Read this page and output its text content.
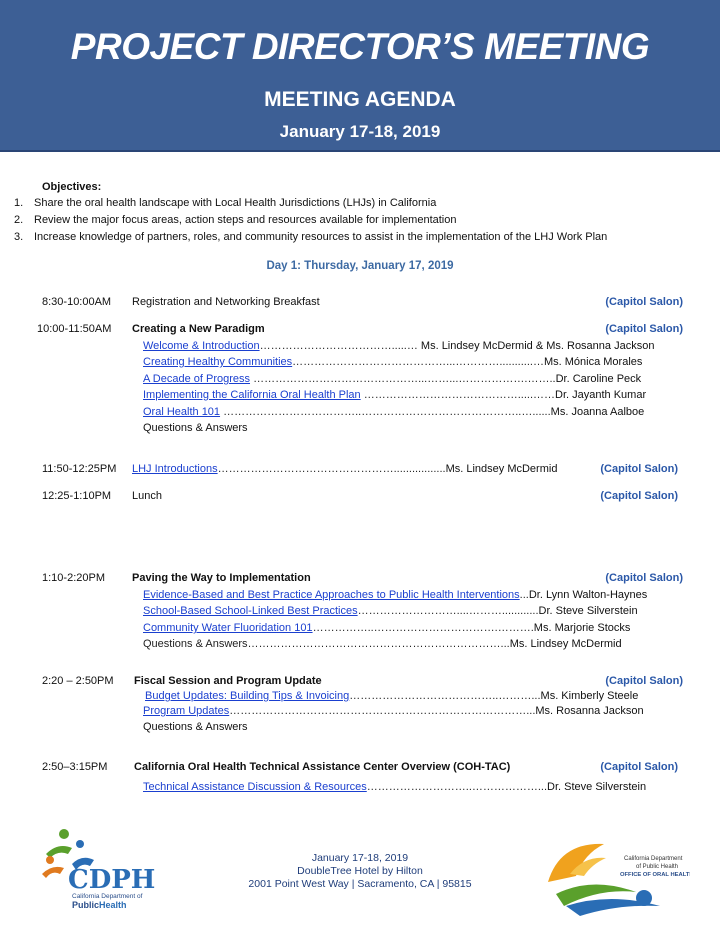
PROJECT DIRECTOR’S MEETING
MEETING AGENDA
January 17-18, 2019
Objectives:
1. Share the oral health landscape with Local Health Jurisdictions (LHJs) in California
2. Review the major focus areas, action steps and resources available for implementation
3. Increase knowledge of partners, roles, and community resources to assist in the implementation of the LHJ Work Plan
Day 1: Thursday, January 17, 2019
8:30-10:00AM Registration and Networking Breakfast	(Capitol Salon)
10:00-11:50AM Creating a New Paradigm	(Capitol Salon)
Welcome & Introduction……………………………….....… Ms. Lindsey McDermid & Ms. Rosanna Jackson
Creating Healthy Communities……………………………………...…………...........…Ms. Mónica Morales
A Decade of Progress ………………………………………...……...……………….……..Dr. Caroline Peck
Implementing the California Oral Health Plan …………………………………….....……Dr. Jayanth Kumar
Oral Health 101 ………………………………..……………………………………..…......Ms. Joanna Aalboe
Questions & Answers
11:50-12:25PM LHJ Introductions………………………………………….................Ms. Lindsey McDermid	(Capitol Salon)
12:25-1:10PM Lunch	(Capitol Salon)
1:10-2:20PM Paving the Way to Implementation	(Capitol Salon)
Evidence-Based and Best Practice Approaches to Public Health Interventions...Dr. Lynn Walton-Haynes
School-Based School-Linked Best Practices………………………....………............Dr. Steve Silverstein
Community Water Fluoridation 101……………..…………………………….……….Ms. Marjorie Stocks
Questions & Answers……………………………………………………………...Ms. Lindsey McDermid
2:20 – 2:50PM Fiscal Session and Program Update	(Capitol Salon)
Budget Updates: Building Tips & Invoicing…………………………………..………...Ms. Kimberly Steele
Program Updates………………………………………………………………………...Ms. Rosanna Jackson
Questions & Answers
2:50–3:15PM California Oral Health Technical Assistance Center Overview (COH-TAC)	(Capitol Salon)
Technical Assistance Discussion & Resources………………………..………………...Dr. Steve Silverstein
January 17-18, 2019
DoubleTree Hotel by Hilton
2001 Point West Way | Sacramento, CA | 95815
CDPH
California Department of
PublicHealth
California Department
of Public Health
OFFICE OF ORAL HEALTH
